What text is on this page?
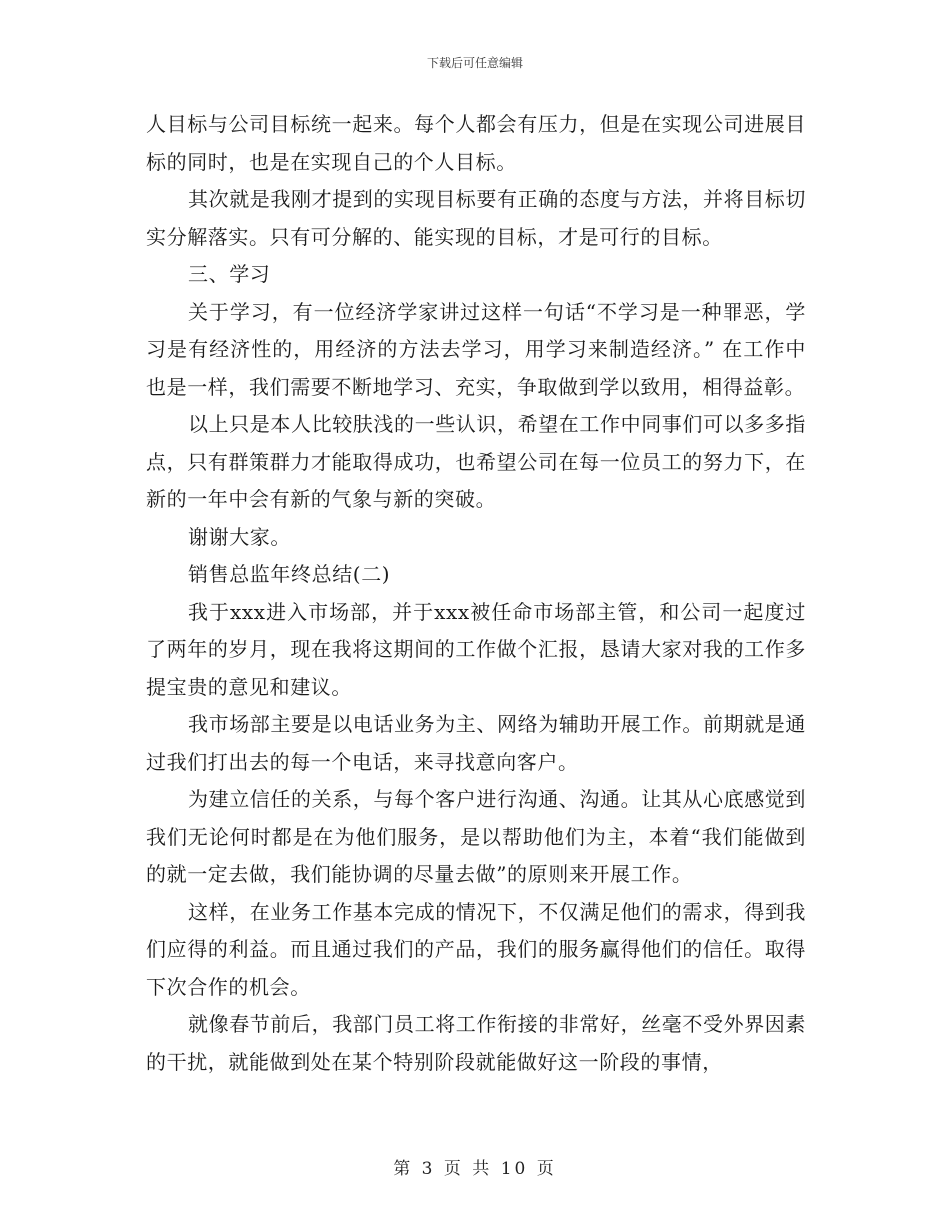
下载后可任意编辑

人目标与公司目标统一起来。每个人都会有压力，但是在实现公司进展目标的同时，也是在实现自己的个人目标。

其次就是我刚才提到的实现目标要有正确的态度与方法，并将目标切实分解落实。只有可分解的、能实现的目标，才是可行的目标。

三、学习

关于学习，有一位经济学家讲过这样一句话“不学习是一种罪恶，学习是有经济性的，用经济的方法去学习，用学习来制造经济。” 在工作中也是一样，我们需要不断地学习、充实，争取做到学以致用，相得益彰。

以上只是本人比较肤浅的一些认识，希望在工作中同事们可以多多指点，只有群策群力才能取得成功，也希望公司在每一位员工的努力下，在新的一年中会有新的气象与新的突破。

谢谢大家。

销售总监年终总结(二)

我于xxx进入市场部，并于xxx被任命市场部主管，和公司一起度过了两年的岁月，现在我将这期间的工作做个汇报，恳请大家对我的工作多提宝贵的意见和建议。

我市场部主要是以电话业务为主、网络为辅助开展工作。前期就是通过我们打出去的每一个电话，来寻找意向客户。

为建立信任的关系，与每个客户进行沟通、沟通。让其从心底感觉到我们无论何时都是在为他们服务，是以帮助他们为主，本着“我们能做到的就一定去做，我们能协调的尽量去做”的原则来开展工作。

这样，在业务工作基本完成的情况下，不仅满足他们的需求，得到我们应得的利益。而且通过我们的产品，我们的服务赢得他们的信任。取得下次合作的机会。

就像春节前后，我部门员工将工作衔接的非常好，丝毫不受外界因素的干扰，就能做到处在某个特别阶段就能做好这一阶段的事情，

第 3 页 共 10 页
